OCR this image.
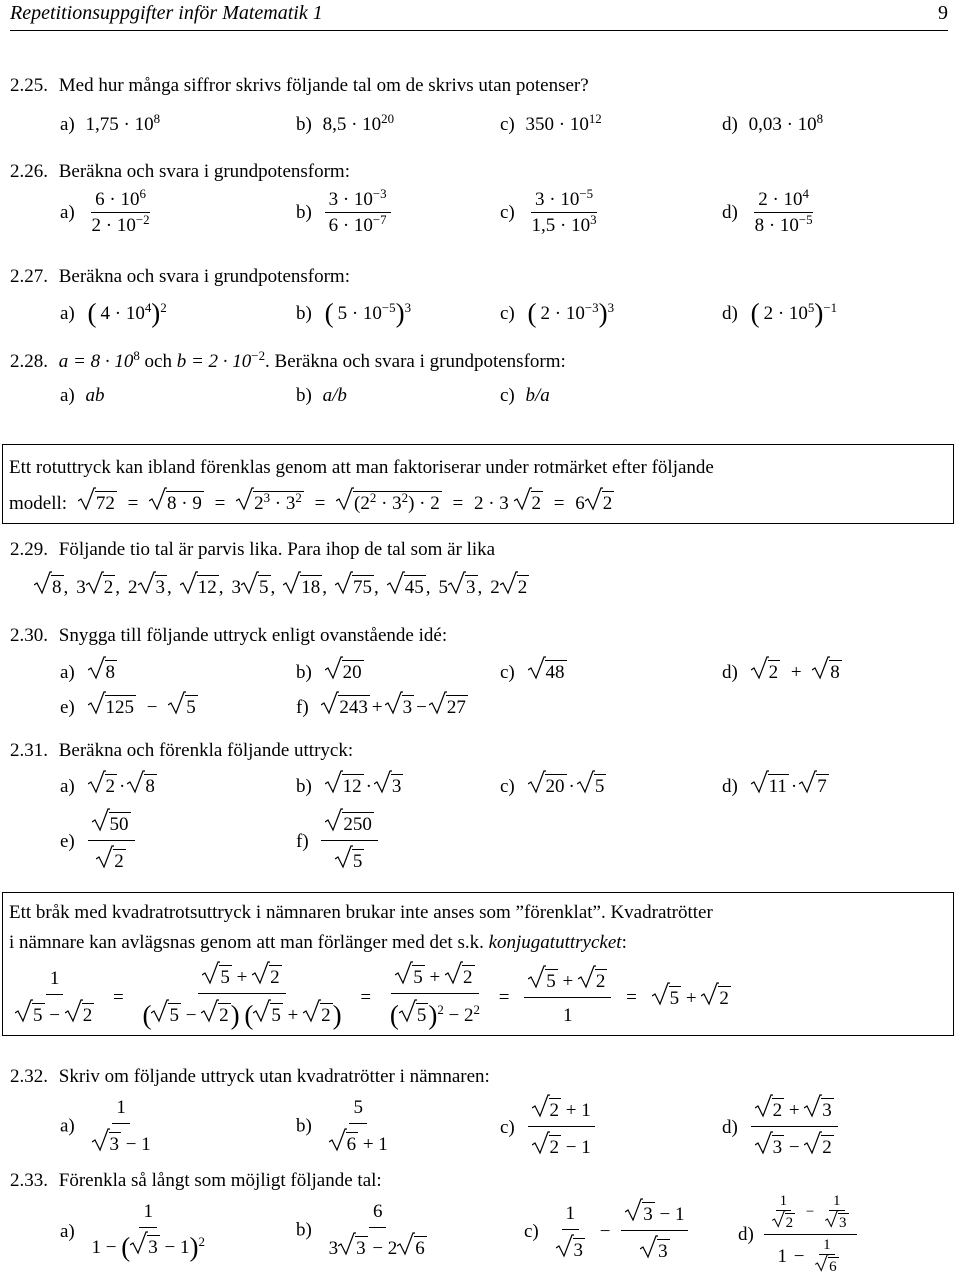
Repetitionsuppgifter inför Matematik 1	9
2.25. Med hur många siffror skrivs följande tal om de skrivs utan potenser?
a) $1,75 \cdot 10^8$	b) $8,5 \cdot 10^{20}$	c) $350 \cdot 10^{12}$	d) $0,03 \cdot 10^8$
2.26. Beräkna och svara i grundpotensform:
$a) \frac{6 \cdot 10^6}{2 \cdot 10^{-2}}$	$b) \frac{3 \cdot 10^{-3}}{6 \cdot 10^{-7}}$	$c) \frac{3 \cdot 10^{-5}}{1,5 \cdot 10^3}$	$d) \frac{2 \cdot 10^4}{8 \cdot 10^{-5}}$
2.27. Beräkna och svara i grundpotensform:
a) ( $4 \cdot 10^4)^2$	b) ( $5 \cdot 10^{-5})^3$	c) ( $2 \cdot 10^{-3})^3$	d) ( $2 \cdot 10^5)^{-1}$
2.28. $a = 8 \cdot 10^8$ och $b = 2 \cdot 10^{-2}$. Beräkna och svara i grundpotensform:
a) ab	b) a/b	c) b/a
Ett rotuttryck kan ibland förenklas genom att man faktoriserar under rotmärket efter följande
modell: $72 = 8 \cdot 9 = 2^3 \cdot 3^2 = (2^2 \cdot 3^2) \cdot 2 = 2 \cdot 3$ 2 = 6 2
2.29. Följande tio tal är parvis lika. Para ihop de tal som är lika
8 , 3 2 , 2 3 , 12 , 3 5 , 18 , 75 , 45 , 5 3 , 2 2
2.30. Snygga till följande uttryck enligt ovanstående idé:
a) 8	b) 20	c) 48	d) 2 + 8
e) 125 − 5	f) 243 + 3 − 27
2.31. Beräkna och förenkla följande uttryck:
a) 2 · 8	b) 12 · 3	c) 20 · 5	d) 11 · 7
$e) \frac{50}{2}$	$f) \frac{250}{5}$
Ett bråk med kvadratrotsuttryck i nämnaren brukar inte anses som ”förenklat”. Kvadratrötter
i nämnare kan avlägsnas genom att man förlänger med det s.k. konjugatuttrycket:
$\frac{1}{5 - 2} = \frac{5 + 2}{( 5 - 2) ( 5 + 2)} = \frac{5 + 2}{( 5)^2 - 2^2} = \frac{5 + 2}{1} = 5 + 2$
2.32. Skriv om följande uttryck utan kvadratrötter i nämnaren:
$a) \frac{1}{3 - 1}$	$b) \frac{5}{6 + 1}$	$c) \frac{2 + 1}{2 - 1}$	$d) \frac{2 + 3}{3 - 2}$
2.33. Förenkla så långt som möjligt följande tal:
$a) \frac{1}{1 - ( 3 - 1)^2}$	$b) \frac{6}{3 3 - 2 6}$	$c) \frac{1}{3} - \frac{3 - 1}{3}$	$d) \frac{\frac{1}{2} - \frac{1}{3}}{1 - \frac{1}{6}}$
